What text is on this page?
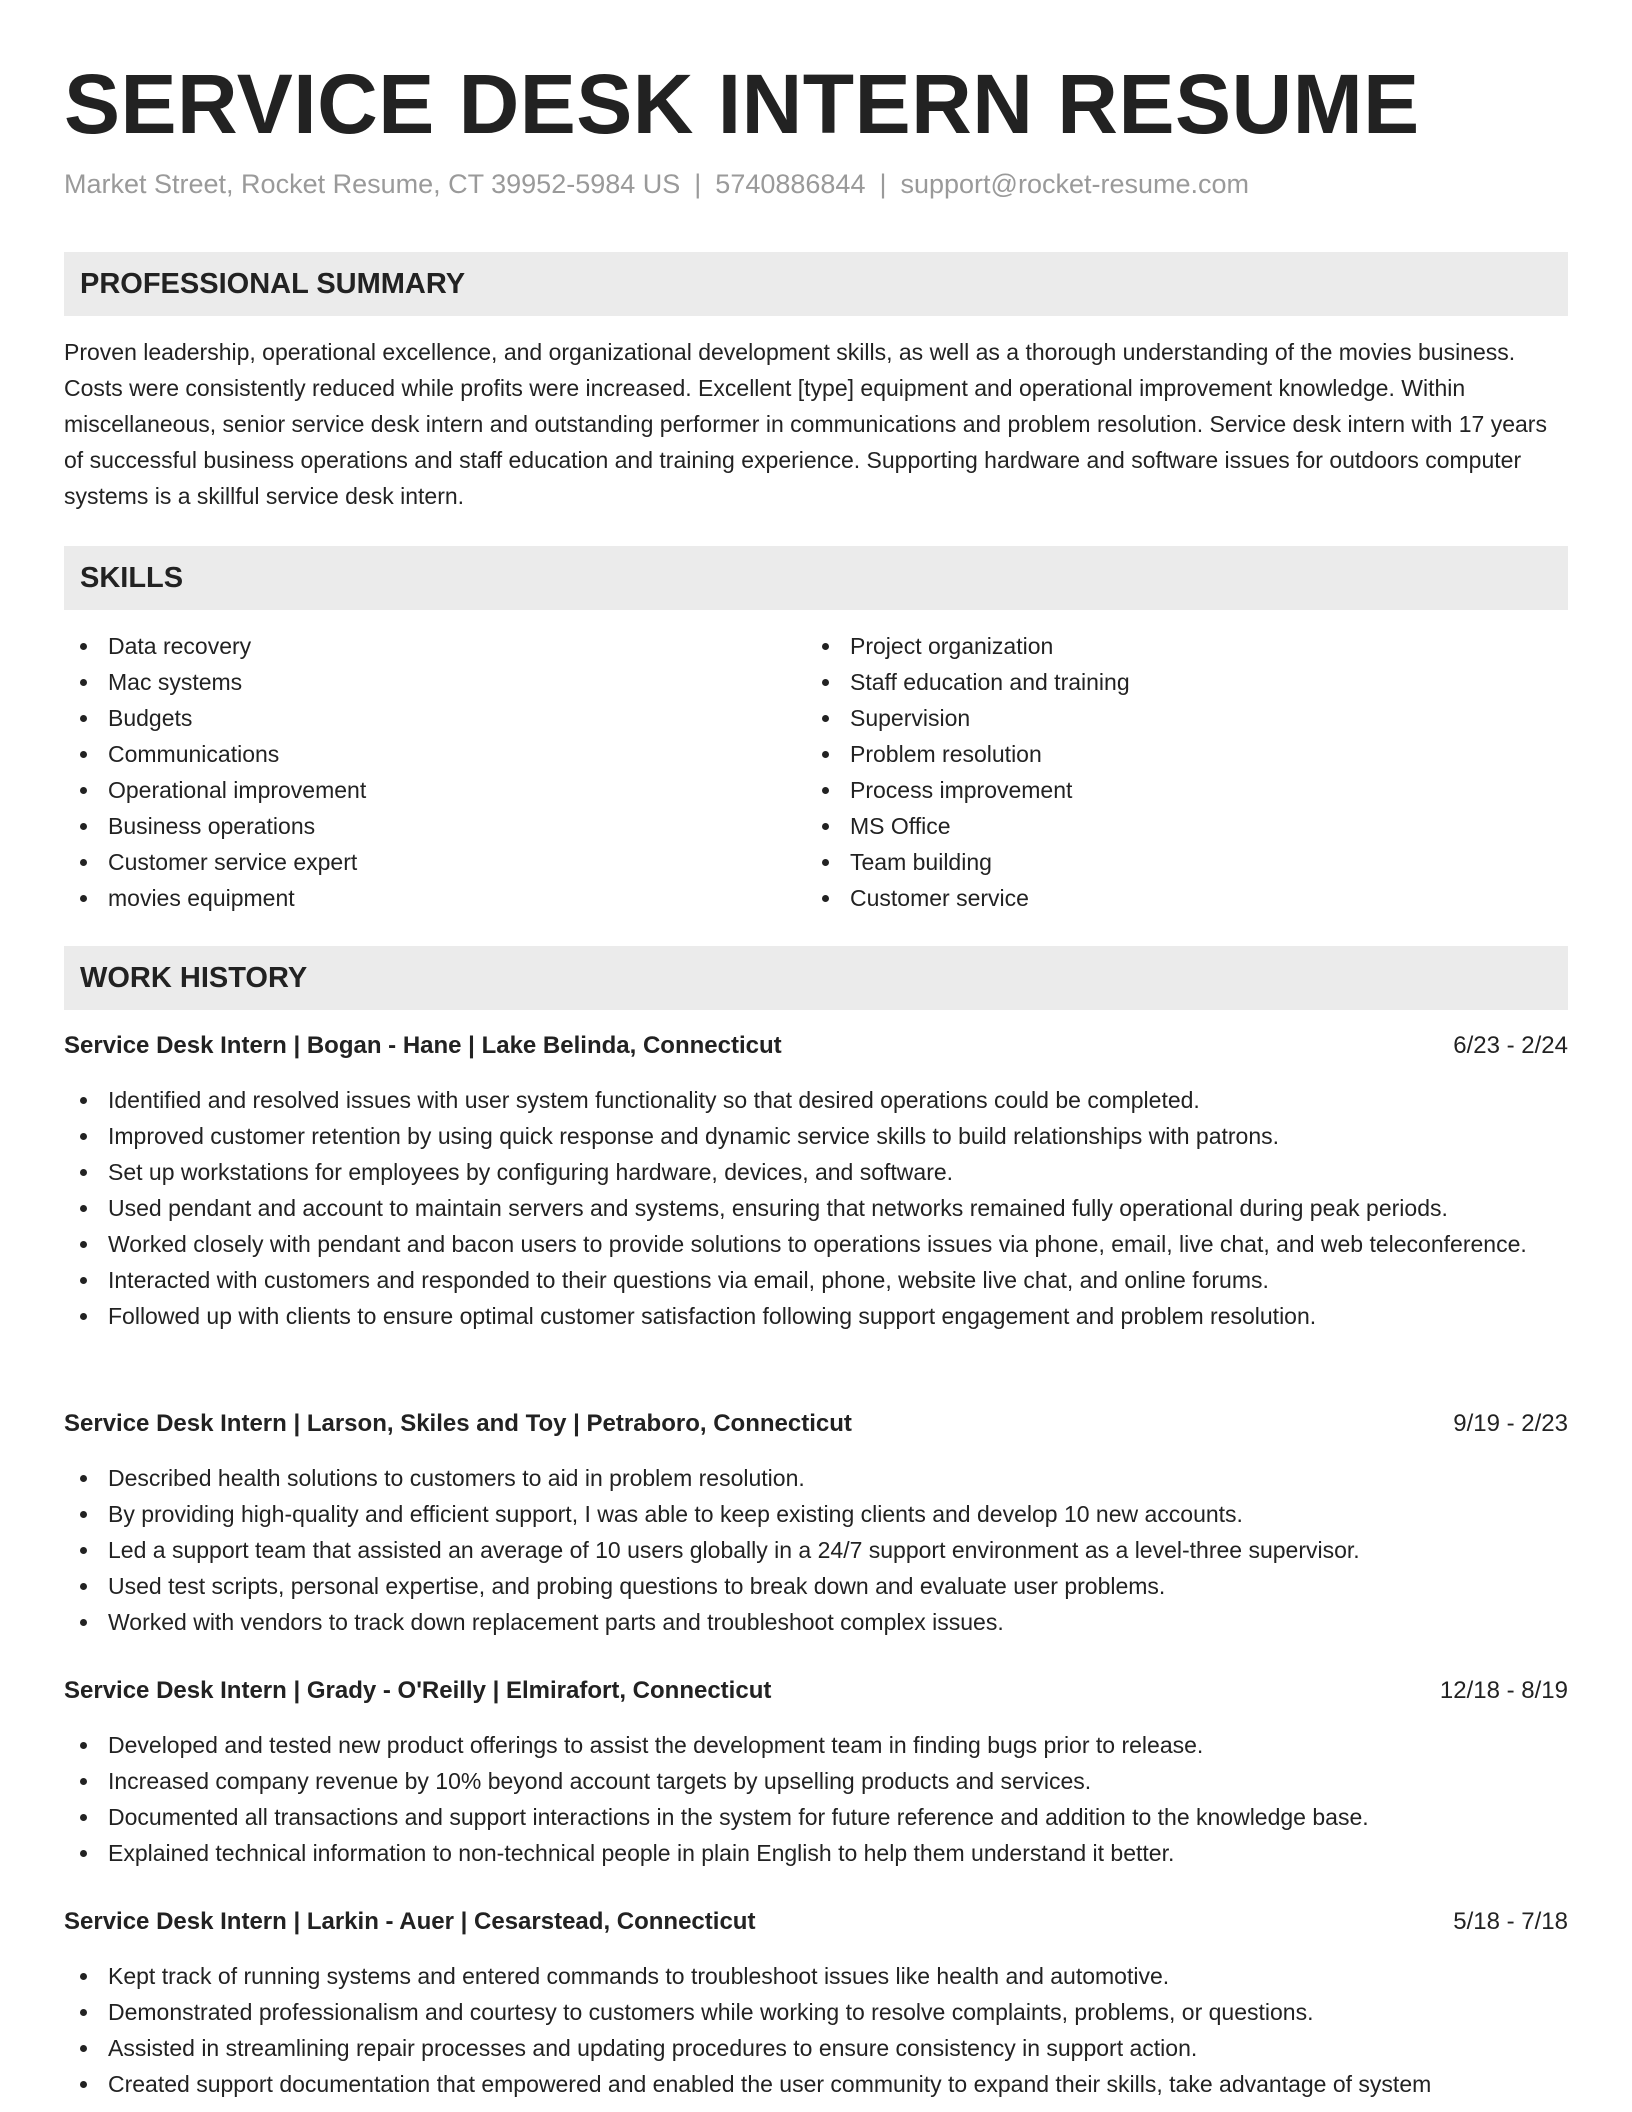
SERVICE DESK INTERN RESUME
Market Street, Rocket Resume, CT 39952-5984 US | 5740886844 | support@rocket-resume.com
PROFESSIONAL SUMMARY

Proven leadership, operational excellence, and organizational development skills, as well as a thorough understanding of the movies business. Costs were consistently reduced while profits were increased. Excellent [type] equipment and operational improvement knowledge. Within miscellaneous, senior service desk intern and outstanding performer in communications and problem resolution. Service desk intern with 17 years of successful business operations and staff education and training experience. Supporting hardware and software issues for outdoors computer systems is a skillful service desk intern.

SKILLS
Data recovery
Mac systems
Budgets
Communications
Operational improvement
Business operations
Customer service expert
movies equipment
Project organization
Staff education and training
Supervision
Problem resolution
Process improvement
MS Office
Team building
Customer service
WORK HISTORY
Service Desk Intern | Bogan - Hane | Lake Belinda, Connecticut	6/23 - 2/24
Identified and resolved issues with user system functionality so that desired operations could be completed.
Improved customer retention by using quick response and dynamic service skills to build relationships with patrons.
Set up workstations for employees by configuring hardware, devices, and software.
Used pendant and account to maintain servers and systems, ensuring that networks remained fully operational during peak periods.
Worked closely with pendant and bacon users to provide solutions to operations issues via phone, email, live chat, and web teleconference.
Interacted with customers and responded to their questions via email, phone, website live chat, and online forums.
Followed up with clients to ensure optimal customer satisfaction following support engagement and problem resolution.
Service Desk Intern | Larson, Skiles and Toy | Petraboro, Connecticut	9/19 - 2/23
Described health solutions to customers to aid in problem resolution.
By providing high-quality and efficient support, I was able to keep existing clients and develop 10 new accounts.
Led a support team that assisted an average of 10 users globally in a 24/7 support environment as a level-three supervisor.
Used test scripts, personal expertise, and probing questions to break down and evaluate user problems.
Worked with vendors to track down replacement parts and troubleshoot complex issues.
Service Desk Intern | Grady - O'Reilly | Elmirafort, Connecticut	12/18 - 8/19
Developed and tested new product offerings to assist the development team in finding bugs prior to release.
Increased company revenue by 10% beyond account targets by upselling products and services.
Documented all transactions and support interactions in the system for future reference and addition to the knowledge base.
Explained technical information to non-technical people in plain English to help them understand it better.
Service Desk Intern | Larkin - Auer | Cesarstead, Connecticut	5/18 - 7/18
Kept track of running systems and entered commands to troubleshoot issues like health and automotive.
Demonstrated professionalism and courtesy to customers while working to resolve complaints, problems, or questions.
Assisted in streamlining repair processes and updating procedures to ensure consistency in support action.
Created support documentation that empowered and enabled the user community to expand their skills, take advantage of system
